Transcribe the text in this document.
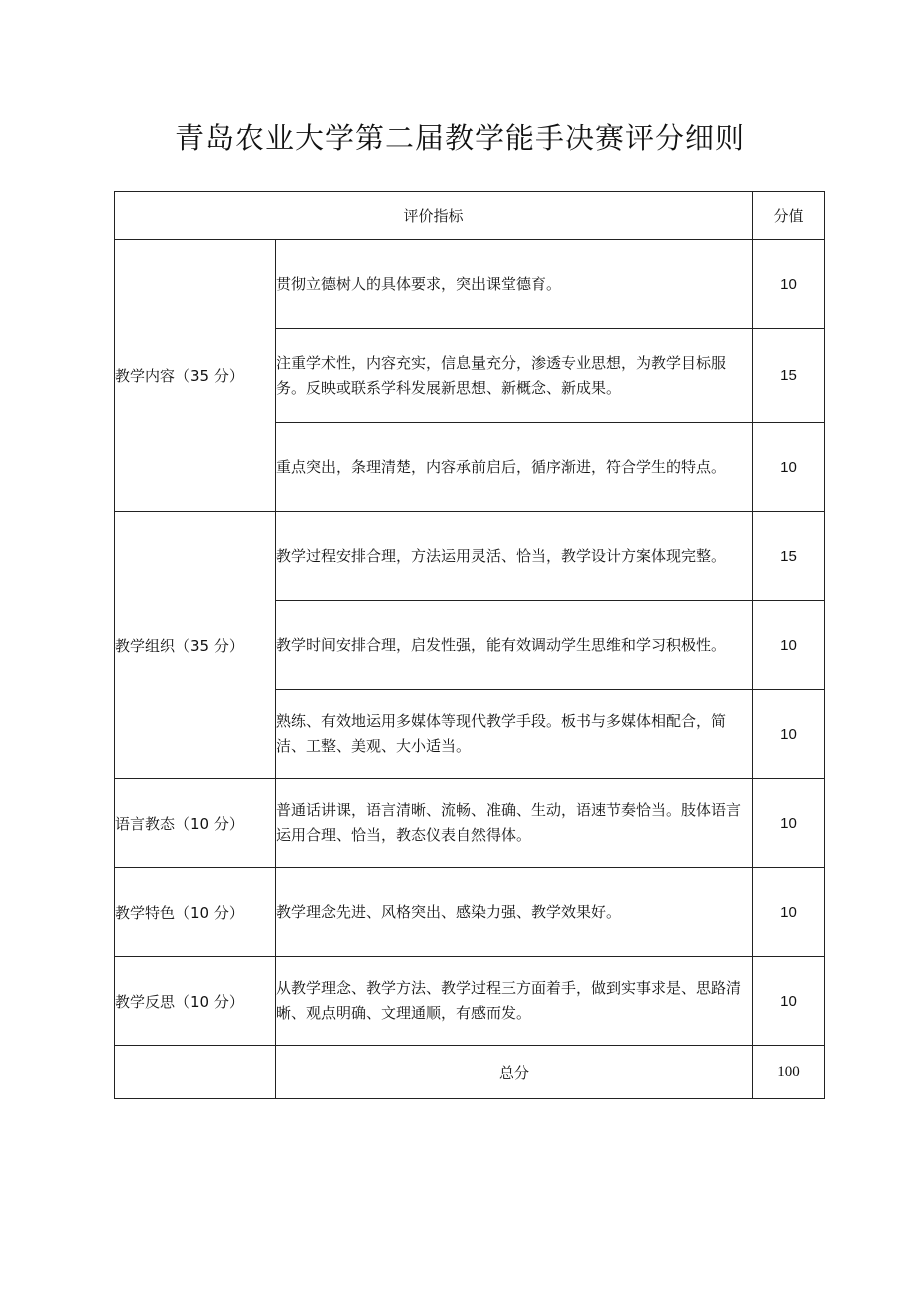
青岛农业大学第二届教学能手决赛评分细则
评价指标		分值
教学内容（35 分）	贯彻立德树人的具体要求，突出课堂德育。	10
	注重学术性，内容充实，信息量充分，渗透专业思想，为教学目标服务。反映或联系学科发展新思想、新概念、新成果。	15
	重点突出，条理清楚，内容承前启后，循序渐进，符合学生的特点。	10
教学组织（35 分）	教学过程安排合理，方法运用灵活、恰当，教学设计方案体现完整。	15
	教学时间安排合理，启发性强，能有效调动学生思维和学习积极性。	10
	熟练、有效地运用多媒体等现代教学手段。板书与多媒体相配合，简洁、工整、美观、大小适当。	10
语言教态（10 分）	普通话讲课，语言清晰、流畅、准确、生动，语速节奏恰当。肢体语言运用合理、恰当，教态仪表自然得体。	10
教学特色（10 分）	教学理念先进、风格突出、感染力强、教学效果好。	10
教学反思（10 分）	从教学理念、教学方法、教学过程三方面着手，做到实事求是、思路清晰、观点明确、文理通顺，有感而发。	10
	总分	100
